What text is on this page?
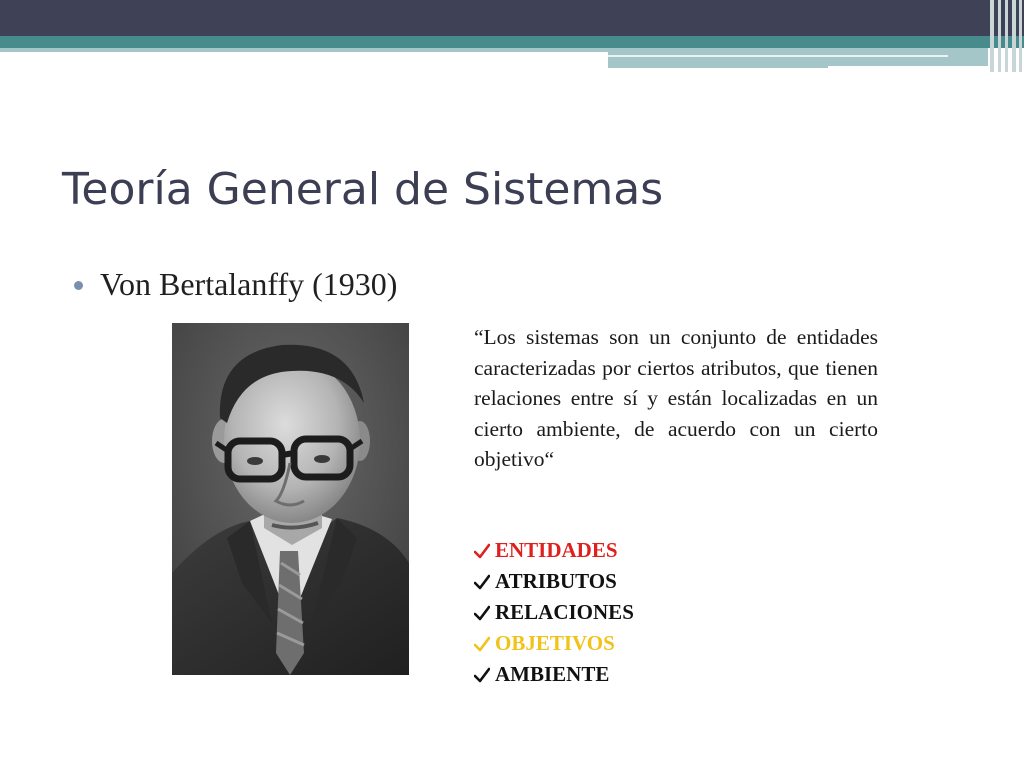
Teoría General de Sistemas
Von Bertalanffy (1930)

“Los sistemas son un conjunto de entidades caracterizadas por ciertos atributos, que tienen relaciones entre sí y están localizadas en un cierto ambiente, de acuerdo con un cierto objetivo“

ENTIDADES
ATRIBUTOS
RELACIONES
OBJETIVOS
AMBIENTE
